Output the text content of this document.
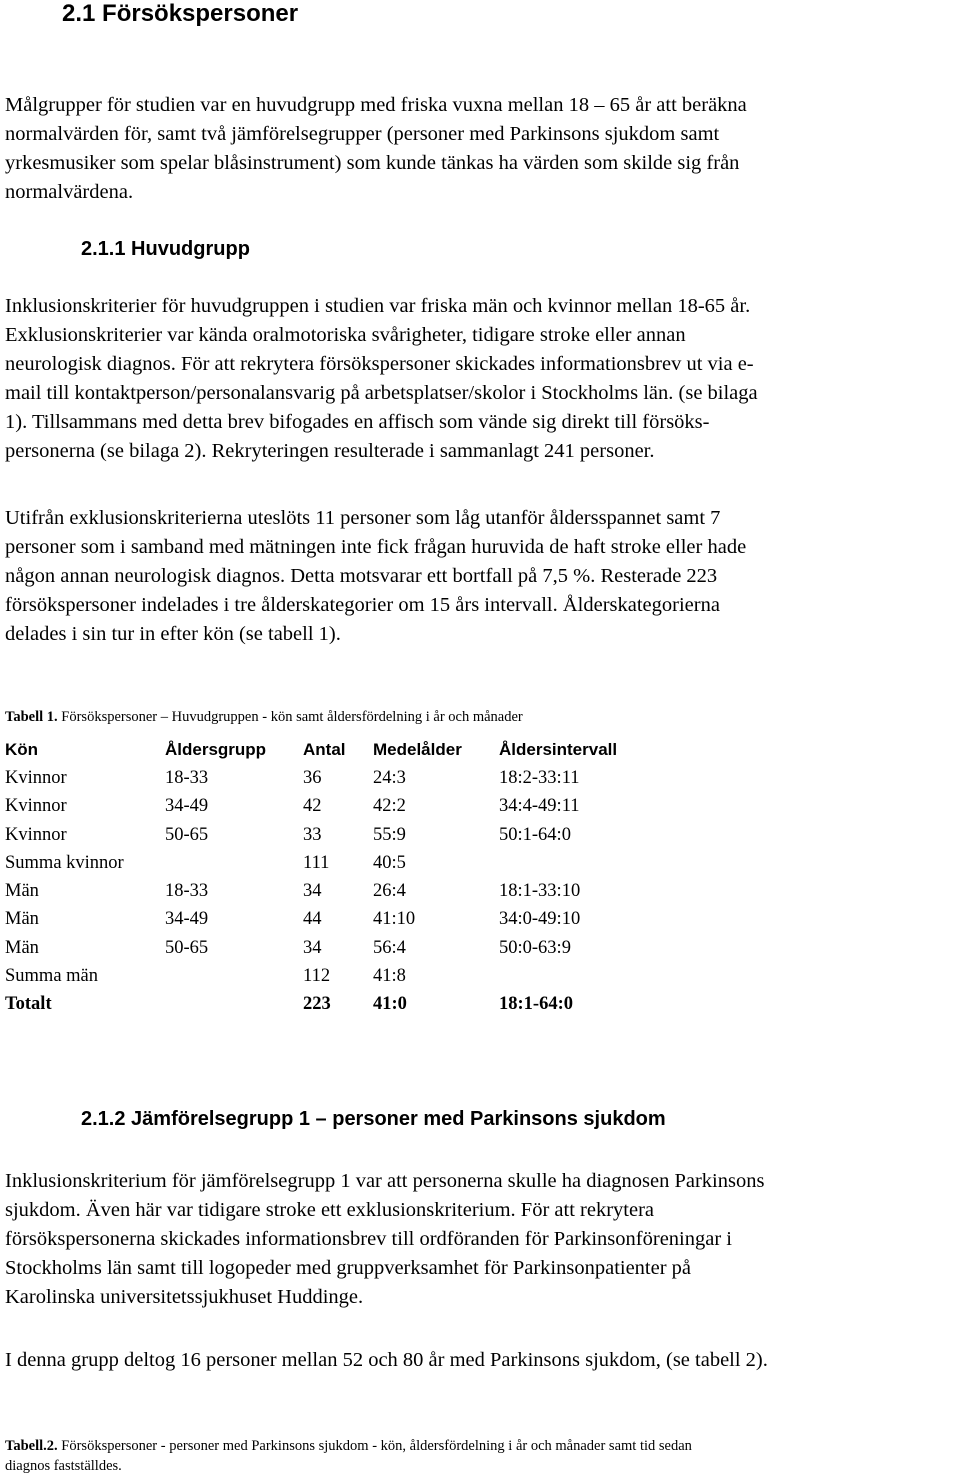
2.1 Försökspersoner
Målgrupper för studien var en huvudgrupp med friska vuxna mellan 18 – 65 år att beräkna
normalvärden för, samt två jämförelsegrupper (personer med Parkinsons sjukdom samt
yrkesmusiker som spelar blåsinstrument) som kunde tänkas ha värden som skilde sig från
normalvärdena.
2.1.1 Huvudgrupp
Inklusionskriterier för huvudgruppen i studien var friska män och kvinnor mellan 18-65 år.
Exklusionskriterier var kända oralmotoriska svårigheter, tidigare stroke eller annan
neurologisk diagnos. För att rekrytera försökspersoner skickades informationsbrev ut via e-
mail till kontaktperson/personalansvarig på arbetsplatser/skolor i Stockholms län. (se bilaga
1). Tillsammans med detta brev bifogades en affisch som vände sig direkt till försöks-
personerna (se bilaga 2). Rekryteringen resulterade i sammanlagt 241 personer.
Utifrån exklusionskriterierna uteslöts 11 personer som låg utanför åldersspannet samt 7
personer som i samband med mätningen inte fick frågan huruvida de haft stroke eller hade
någon annan neurologisk diagnos. Detta motsvarar ett bortfall på 7,5 %. Resterade 223
försökspersoner indelades i tre ålderskategorier om 15 års intervall. Ålderskategorierna
delades i sin tur in efter kön (se tabell 1).
Tabell 1. Försökspersoner – Huvudgruppen - kön samt åldersfördelning i år och månader
Kön	Åldersgrupp	Antal	Medelålder	Åldersintervall
Kvinnor	18-33	36	24:3	18:2-33:11
Kvinnor	34-49	42	42:2	34:4-49:11
Kvinnor	50-65	33	55:9	50:1-64:0
Summa kvinnor		111	40:5	
Män	18-33	34	26:4	18:1-33:10
Män	34-49	44	41:10	34:0-49:10
Män	50-65	34	56:4	50:0-63:9
Summa män		112	41:8	
Totalt		223	41:0	18:1-64:0
2.1.2 Jämförelsegrupp 1 – personer med Parkinsons sjukdom
Inklusionskriterium för jämförelsegrupp 1 var att personerna skulle ha diagnosen Parkinsons
sjukdom. Även här var tidigare stroke ett exklusionskriterium. För att rekrytera
försökspersonerna skickades informationsbrev till ordföranden för Parkinsonföreningar i
Stockholms län samt till logopeder med gruppverksamhet för Parkinsonpatienter på
Karolinska universitetssjukhuset Huddinge.
I denna grupp deltog 16 personer mellan 52 och 80 år med Parkinsons sjukdom, (se tabell 2).
Tabell.2. Försökspersoner - personer med Parkinsons sjukdom - kön, åldersfördelning i år och månader samt tid sedan
diagnos fastställdes.
